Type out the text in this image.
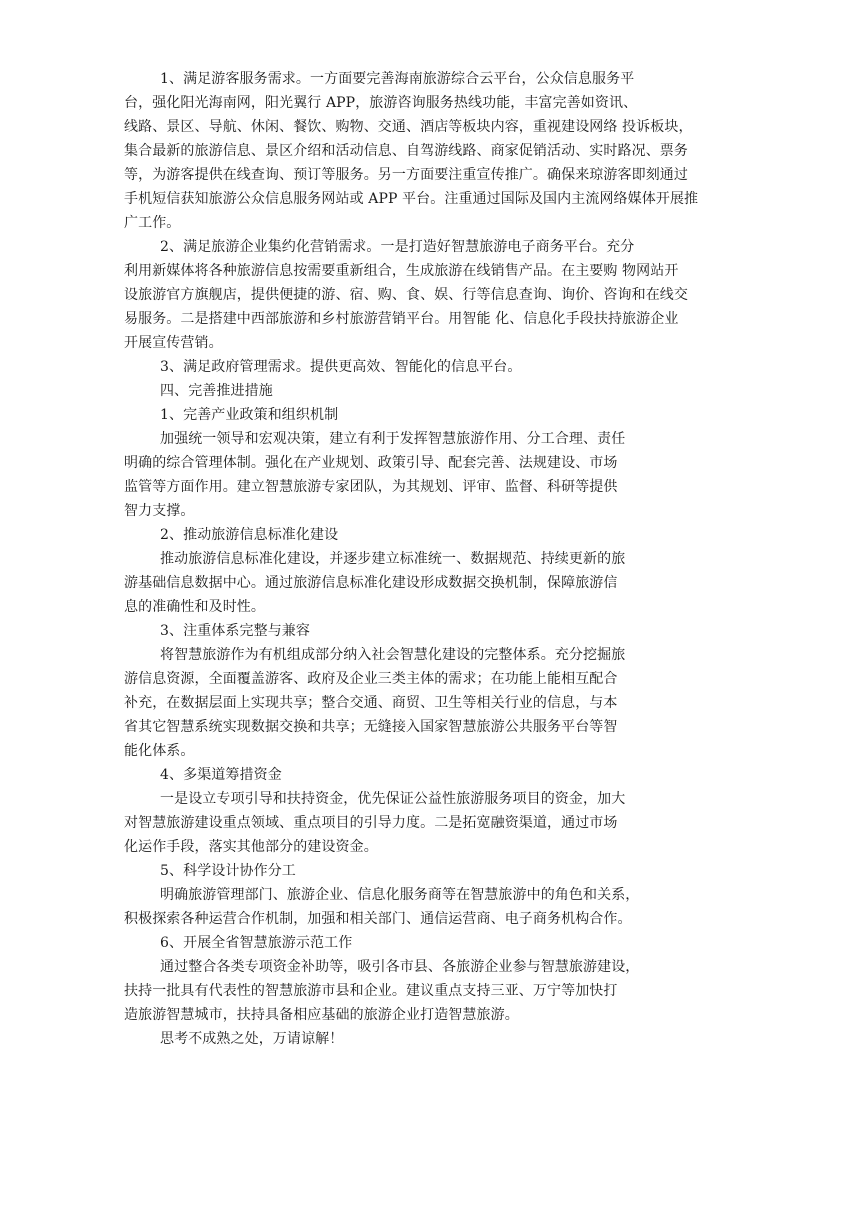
1、满足游客服务需求。一方面要完善海南旅游综合云平台，公众信息服务平
台，强化阳光海南网，阳光翼行 APP，旅游咨询服务热线功能，丰富完善如资讯、
线路、景区、导航、休闲、餐饮、购物、交通、酒店等板块内容，重视建设网络 投诉板块，
集合最新的旅游信息、景区介绍和活动信息、自驾游线路、商家促销活动、实时路况、票务
等，为游客提供在线查询、预订等服务。另一方面要注重宣传推广。确保来琼游客即刻通过
手机短信获知旅游公众信息服务网站或 APP 平台。注重通过国际及国内主流网络媒体开展推
广工作。
2、满足旅游企业集约化营销需求。一是打造好智慧旅游电子商务平台。充分
利用新媒体将各种旅游信息按需要重新组合，生成旅游在线销售产品。在主要购 物网站开
设旅游官方旗舰店，提供便捷的游、宿、购、食、娱、行等信息查询、询价、咨询和在线交
易服务。二是搭建中西部旅游和乡村旅游营销平台。用智能 化、信息化手段扶持旅游企业
开展宣传营销。
3、满足政府管理需求。提供更高效、智能化的信息平台。
四、完善推进措施
1、完善产业政策和组织机制
加强统一领导和宏观决策，建立有利于发挥智慧旅游作用、分工合理、责任
明确的综合管理体制。强化在产业规划、政策引导、配套完善、法规建设、市场
监管等方面作用。建立智慧旅游专家团队，为其规划、评审、监督、科研等提供
智力支撑。
2、推动旅游信息标准化建设
推动旅游信息标准化建设，并逐步建立标准统一、数据规范、持续更新的旅
游基础信息数据中心。通过旅游信息标准化建设形成数据交换机制，保障旅游信
息的准确性和及时性。
3、注重体系完整与兼容
将智慧旅游作为有机组成部分纳入社会智慧化建设的完整体系。充分挖掘旅
游信息资源，全面覆盖游客、政府及企业三类主体的需求；在功能上能相互配合
补充，在数据层面上实现共享；整合交通、商贸、卫生等相关行业的信息，与本
省其它智慧系统实现数据交换和共享；无缝接入国家智慧旅游公共服务平台等智
能化体系。
4、多渠道筹措资金
一是设立专项引导和扶持资金，优先保证公益性旅游服务项目的资金，加大
对智慧旅游建设重点领域、重点项目的引导力度。二是拓宽融资渠道，通过市场
化运作手段，落实其他部分的建设资金。
5、科学设计协作分工
明确旅游管理部门、旅游企业、信息化服务商等在智慧旅游中的角色和关系，
积极探索各种运营合作机制，加强和相关部门、通信运营商、电子商务机构合作。
6、开展全省智慧旅游示范工作
通过整合各类专项资金补助等，吸引各市县、各旅游企业参与智慧旅游建设，
扶持一批具有代表性的智慧旅游市县和企业。建议重点支持三亚、万宁等加快打
造旅游智慧城市，扶持具备相应基础的旅游企业打造智慧旅游。
思考不成熟之处，万请谅解！
